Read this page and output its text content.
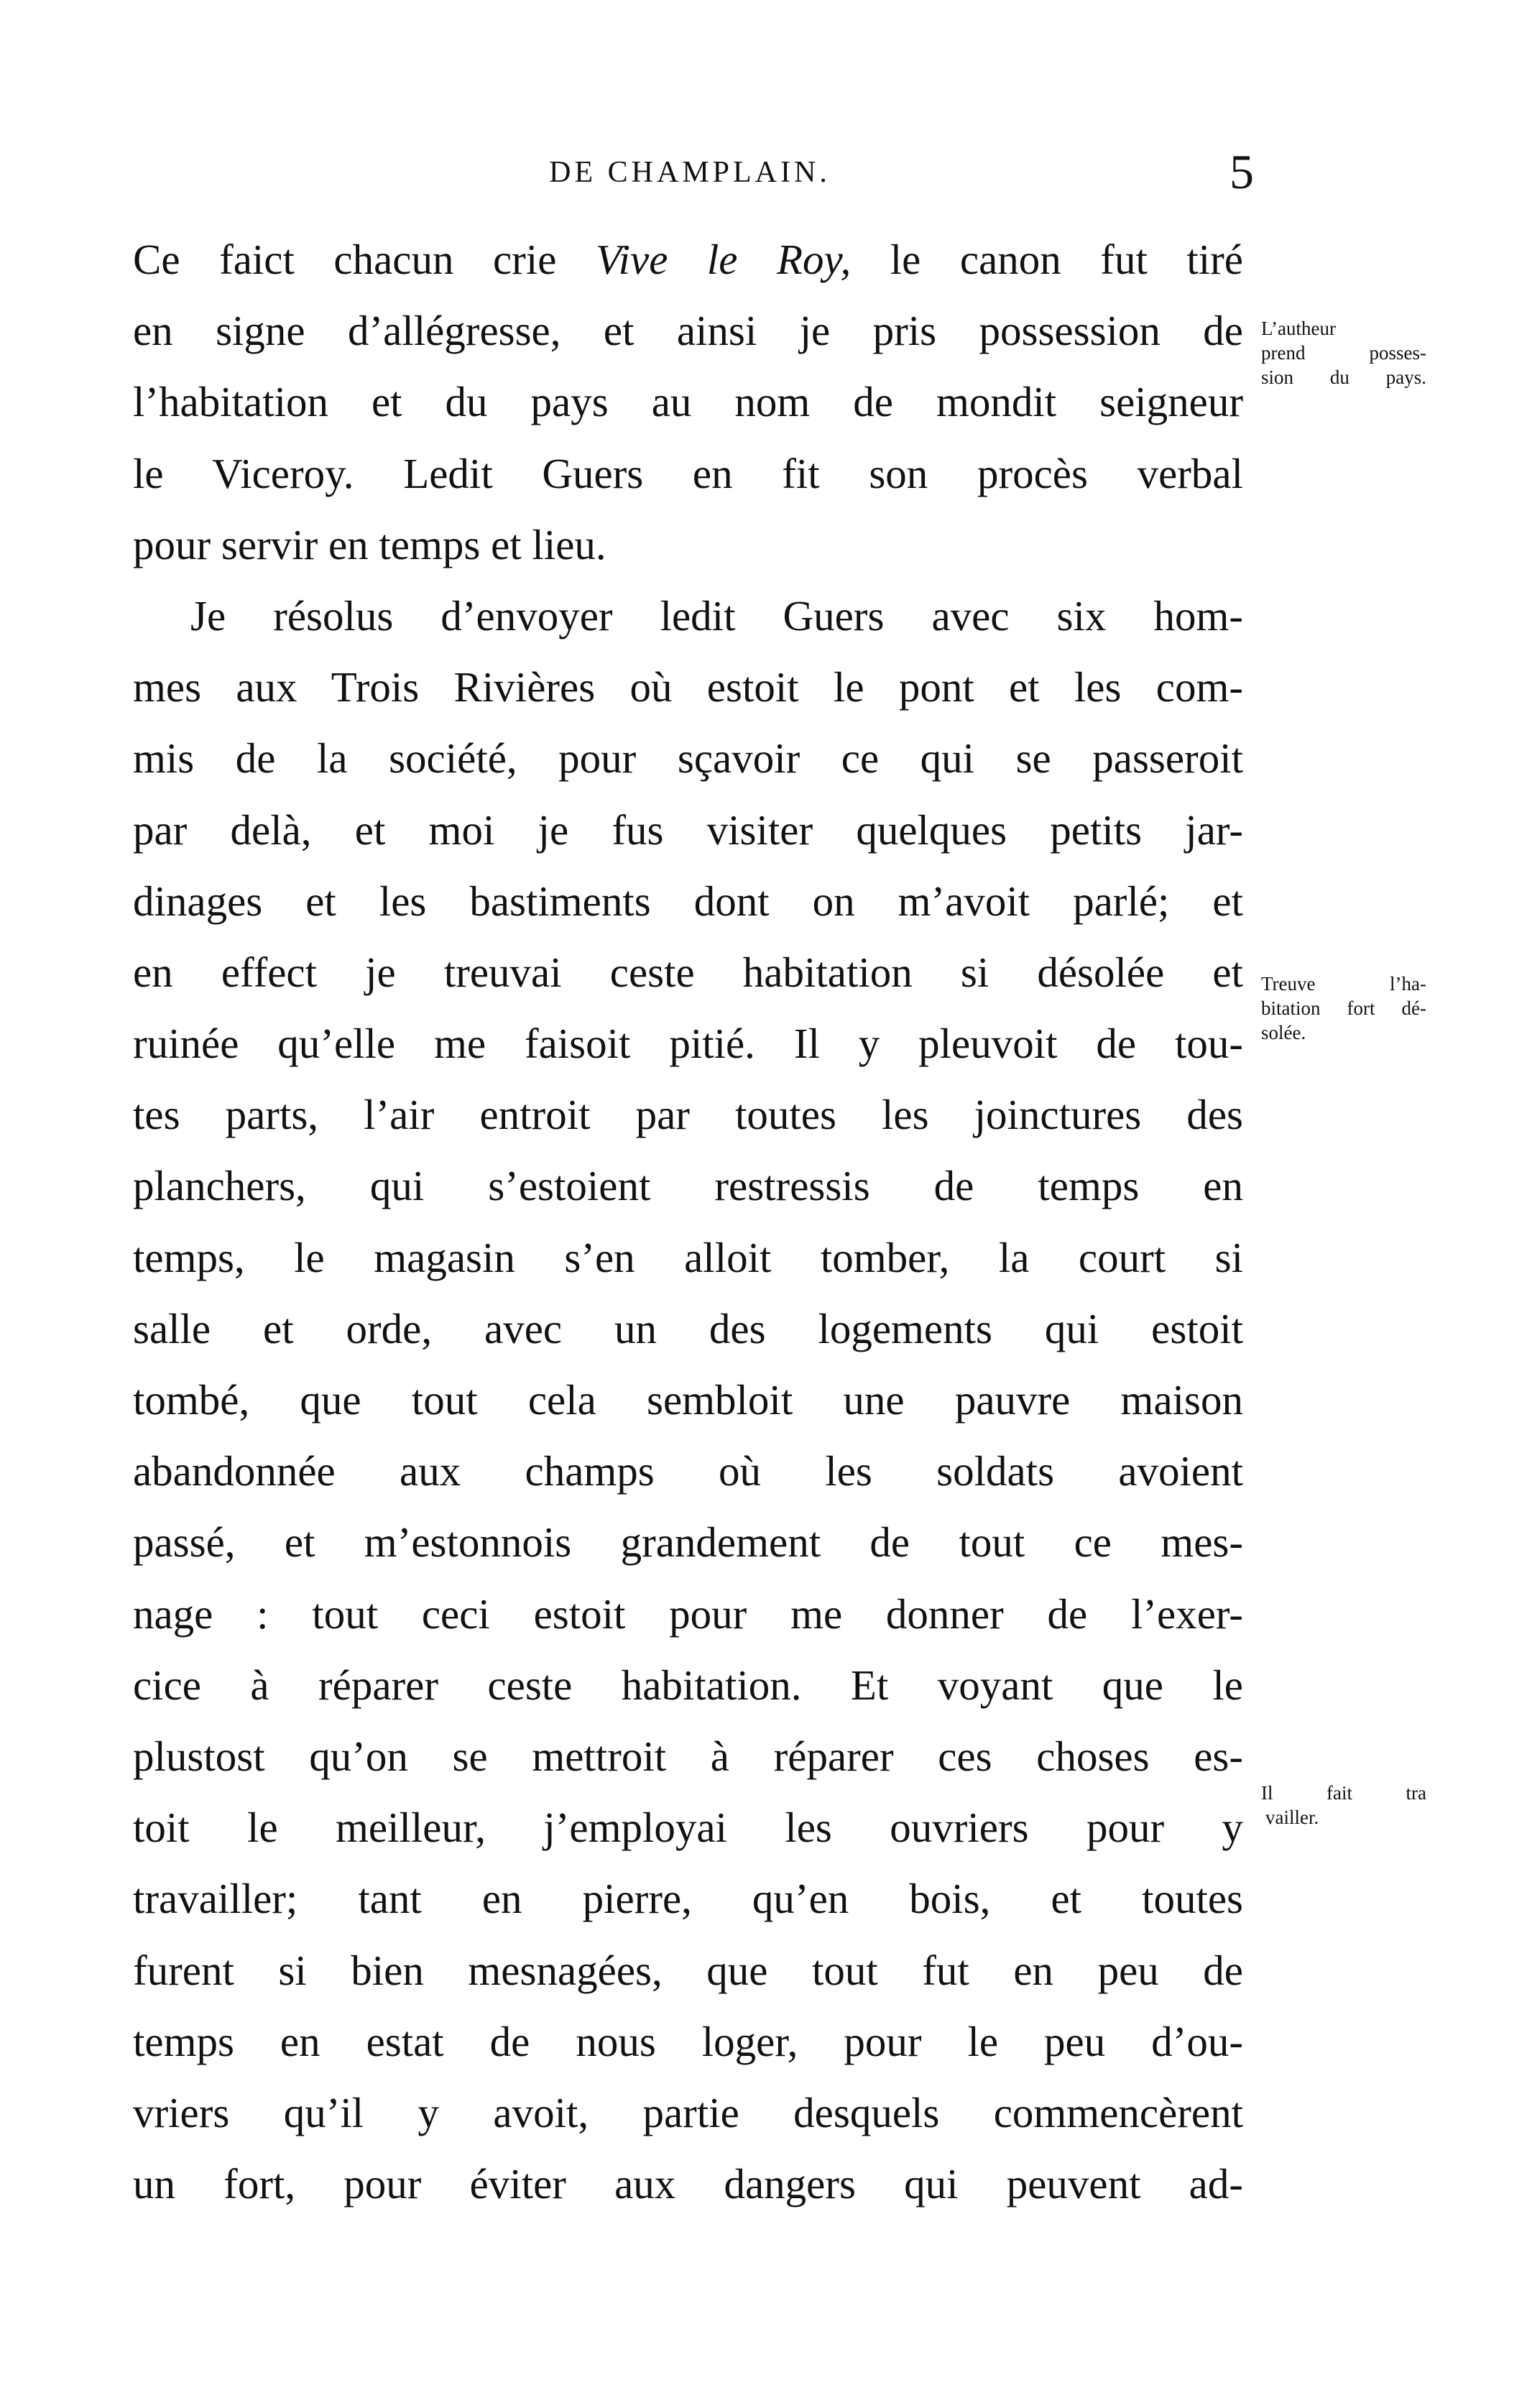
DE CHAMPLAIN.	5
Ce faict chacun crie Vive le Roy, le canon fut tiré
en signe d’allégresse, et ainsi je pris possession de
l’habitation et du pays au nom de mondit seigneur
le Viceroy. Ledit Guers en fit son procès verbal
pour servir en temps et lieu.
Je résolus d’envoyer ledit Guers avec six hom-
mes aux Trois Rivières où estoit le pont et les com-
mis de la société, pour sçavoir ce qui se passeroit
par delà, et moi je fus visiter quelques petits jar-
dinages et les bastiments dont on m’avoit parlé; et
en effect je treuvai ceste habitation si désolée et
ruinée qu’elle me faisoit pitié. Il y pleuvoit de tou-
tes parts, l’air entroit par toutes les joinctures des
planchers, qui s’estoient restressis de temps en
temps, le magasin s’en alloit tomber, la court si
salle et orde, avec un des logements qui estoit
tombé, que tout cela sembloit une pauvre maison
abandonnée aux champs où les soldats avoient
passé, et m’estonnois grandement de tout ce mes-
nage : tout ceci estoit pour me donner de l’exer-
cice à réparer ceste habitation. Et voyant que le
plustost qu’on se mettroit à réparer ces choses es-
toit le meilleur, j’employai les ouvriers pour y
travailler; tant en pierre, qu’en bois, et toutes
furent si bien mesnagées, que tout fut en peu de
temps en estat de nous loger, pour le peu d’ou-
vriers qu’il y avoit, partie desquels commencèrent
un fort, pour éviter aux dangers qui peuvent ad-
L’autheur
prend posses-
sion du pays.
Treuve l’ha-
bitation fort dé-
solée.
Il fait tra
vailler.
